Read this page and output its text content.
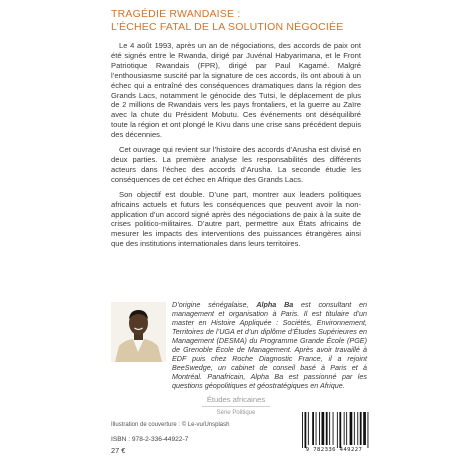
TRAGÉDIE RWANDAISE :
L’ÉCHEC FATAL DE LA SOLUTION NÉGOCIÉE

Le 4 août 1993, après un an de négociations, des accords de paix ont été signés entre le Rwanda, dirigé par Juvénal Habyarimana, et le Front Patriotique Rwandais (FPR), dirigé par Paul Kagamé. Malgré l’enthousiasme suscité par la signature de ces accords, ils ont abouti à un échec qui a entraîné des conséquences dramatiques dans la région des Grands Lacs, notamment le génocide des Tutsi, le déplacement de plus de 2 millions de Rwandais vers les pays frontaliers, et la guerre au Zaïre avec la chute du Président Mobutu. Ces événements ont déséquilibré toute la région et ont plongé le Kivu dans une crise sans précédent depuis des décennies.

Cet ouvrage qui revient sur l’histoire des accords d’Arusha est divisé en deux parties. La première analyse les responsabilités des différents acteurs dans l’échec des accords d’Arusha. La seconde étudie les conséquences de cet échec en Afrique des Grands Lacs.

Son objectif est double. D’une part, montrer aux leaders politiques africains actuels et futurs les conséquences que peuvent avoir la non-application d’un accord signé après des négociations de paix à la suite de crises politico-militaires. D’autre part, permettre aux États africains de mesurer les impacts des interventions des puissances étrangères ainsi que des institutions internationales dans leurs territoires.

D’origine sénégalaise, Alpha Ba est consultant en management et organisation à Paris. Il est titulaire d’un master en Histoire Appliquée : Sociétés, Environnement, Territoires de l’UGA et d’un diplôme d’Études Supérieures en Management (DESMA) du Programme Grande École (PGE) de Grenoble École de Management. Après avoir travaillé à EDF puis chez Roche Diagnostic France, il a rejoint BeeSwedge, un cabinet de conseil basé à Paris et à Montréal. Panafricain, Alpha Ba est passionné par les questions géopolitiques et géostratégiques en Afrique.

Études africaines
Série Politique
Illustration de couverture : © Le-vu/Unsplash
ISBN : 978-2-336-44922-7
27 €	9 782336 449227
